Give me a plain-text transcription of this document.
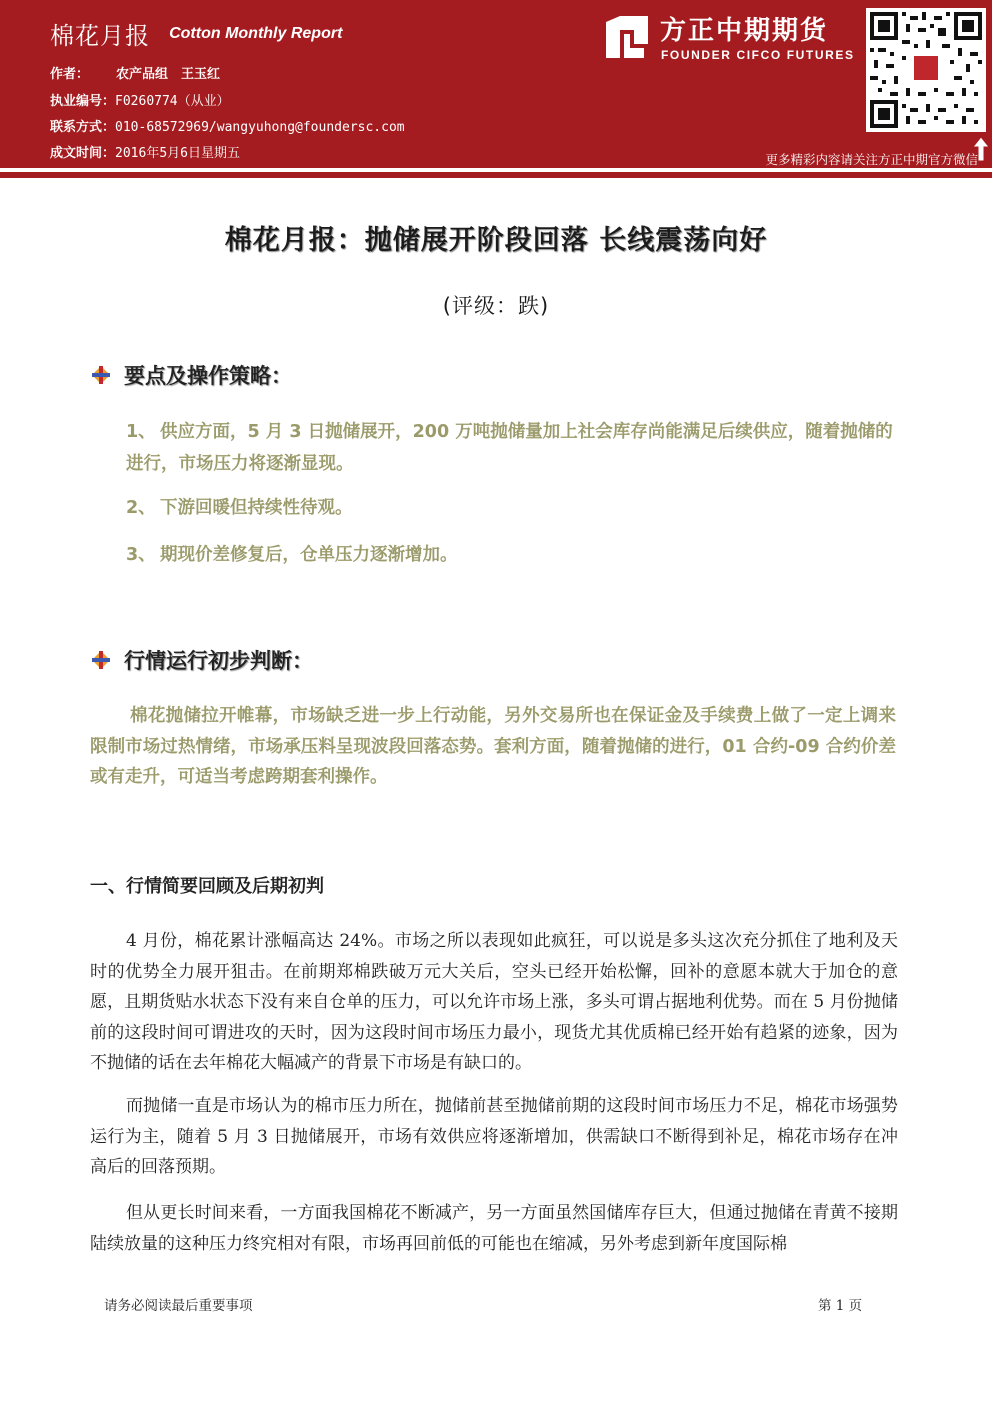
棉花月报 Cotton Monthly Report
作者： 农产品组　王玉红
执业编号：F0260774（从业）
联系方式：010-68572969/wangyuhong@foundersc.com
成文时间：2016年5月6日星期五
方正中期期货
FOUNDER CIFCO FUTURES
更多精彩内容请关注方正中期官方微信
棉花月报：抛储展开阶段回落 长线震荡向好
(评级：跌)
要点及操作策略：
1、 供应方面，5 月 3 日抛储展开，200 万吨抛储量加上社会库存尚能满足后续供应，随着抛储的进行，市场压力将逐渐显现。
2、 下游回暖但持续性待观。
3、 期现价差修复后，仓单压力逐渐增加。
行情运行初步判断：
棉花抛储拉开帷幕，市场缺乏进一步上行动能，另外交易所也在保证金及手续费上做了一定上调来限制市场过热情绪，市场承压料呈现波段回落态势。套利方面，随着抛储的进行，01 合约-09 合约价差或有走升，可适当考虑跨期套利操作。
一、行情简要回顾及后期初判

4 月份，棉花累计涨幅高达 24%。市场之所以表现如此疯狂，可以说是多头这次充分抓住了地利及天时的优势全力展开狙击。在前期郑棉跌破万元大关后，空头已经开始松懈，回补的意愿本就大于加仓的意愿，且期货贴水状态下没有来自仓单的压力，可以允许市场上涨，多头可谓占据地利优势。而在 5 月份抛储前的这段时间可谓进攻的天时，因为这段时间市场压力最小，现货尤其优质棉已经开始有趋紧的迹象，因为不抛储的话在去年棉花大幅减产的背景下市场是有缺口的。

而抛储一直是市场认为的棉市压力所在，抛储前甚至抛储前期的这段时间市场压力不足，棉花市场强势运行为主，随着 5 月 3 日抛储展开，市场有效供应将逐渐增加，供需缺口不断得到补足，棉花市场存在冲高后的回落预期。

但从更长时间来看，一方面我国棉花不断减产，另一方面虽然国储库存巨大，但通过抛储在青黄不接期陆续放量的这种压力终究相对有限，市场再回前低的可能也在缩减，另外考虑到新年度国际棉

请务必阅读最后重要事项	第 1 页
